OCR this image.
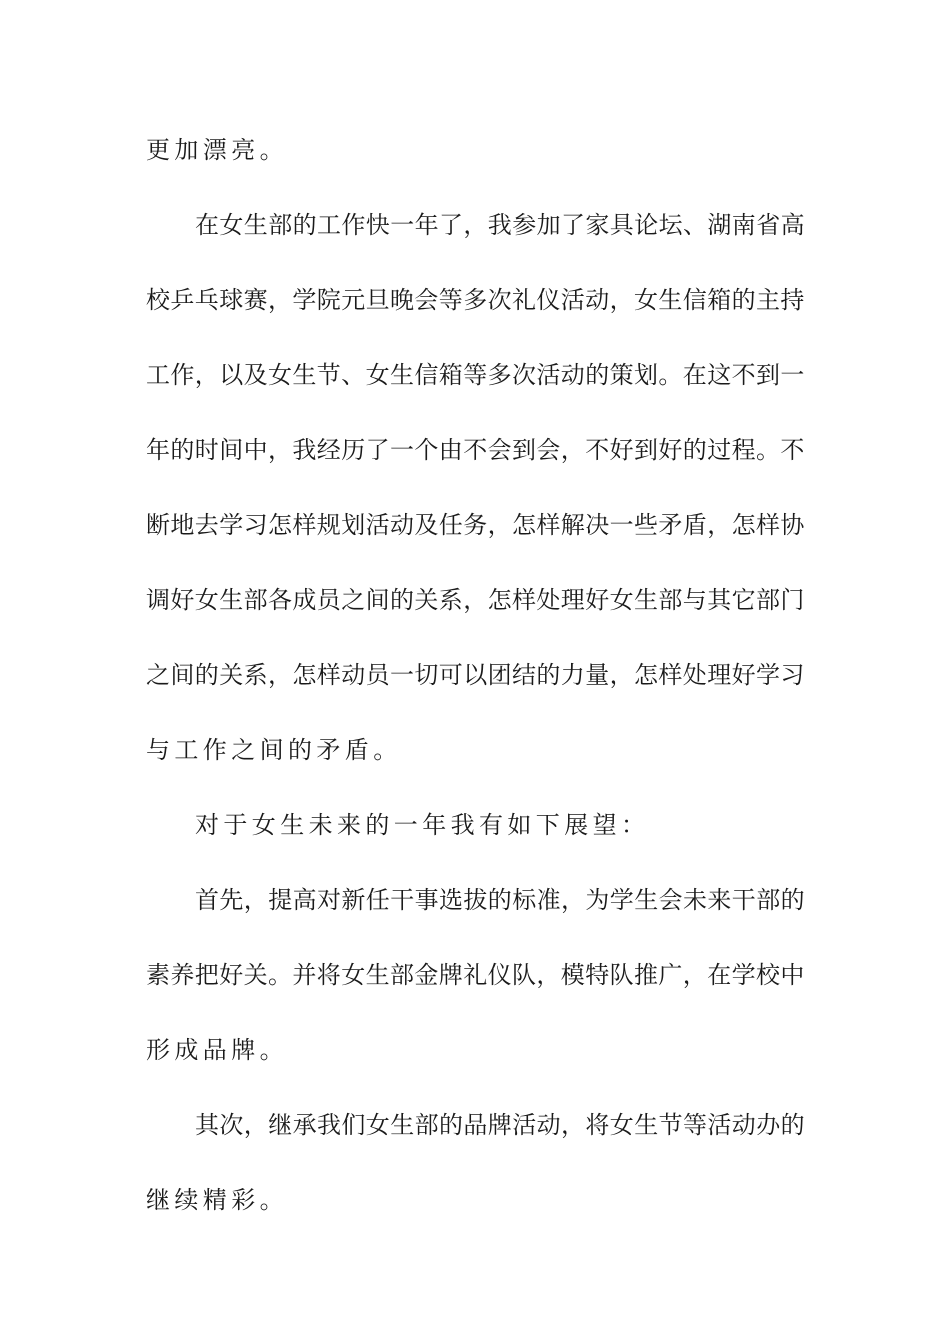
更加漂亮。
在女生部的工作快一年了，我参加了家具论坛、湖南省高
校乒乓球赛，学院元旦晚会等多次礼仪活动，女生信箱的主持
工作，以及女生节、女生信箱等多次活动的策划。在这不到一
年的时间中，我经历了一个由不会到会，不好到好的过程。不
断地去学习怎样规划活动及任务，怎样解决一些矛盾，怎样协
调好女生部各成员之间的关系，怎样处理好女生部与其它部门
之间的关系，怎样动员一切可以团结的力量，怎样处理好学习
与工作之间的矛盾。
对于女生未来的一年我有如下展望：
首先，提高对新任干事选拔的标准，为学生会未来干部的
素养把好关。并将女生部金牌礼仪队，模特队推广，在学校中
形成品牌。
其次，继承我们女生部的品牌活动，将女生节等活动办的
继续精彩。
